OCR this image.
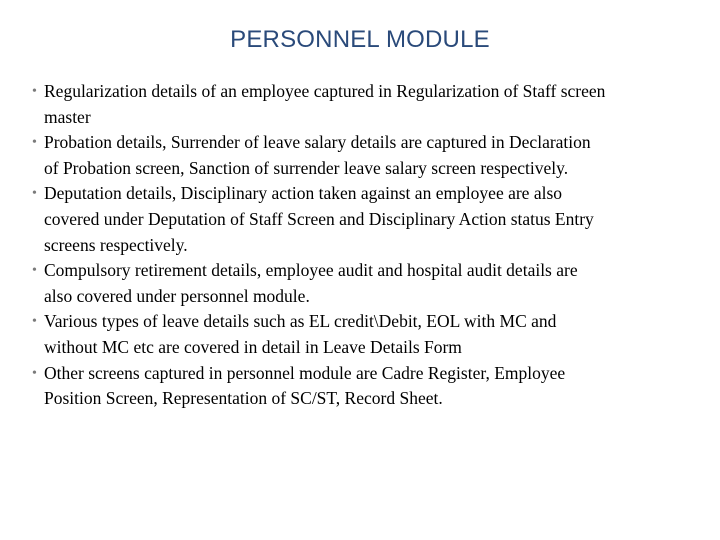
PERSONNEL MODULE
• Regularization details of an employee captured in Regularization of Staff screen
master
• Probation details, Surrender of leave salary details are captured in Declaration
of Probation screen, Sanction of surrender leave salary screen respectively.
• Deputation details, Disciplinary action taken against an employee are also
covered under Deputation of Staff Screen and Disciplinary Action status Entry
screens respectively.
• Compulsory retirement details, employee audit and hospital audit details are
also covered under personnel module.
• Various types of leave details such as EL credit\Debit, EOL with MC and
without MC etc are covered in detail in Leave Details Form
• Other screens captured in personnel module are Cadre Register, Employee
Position Screen, Representation of SC/ST, Record Sheet.
